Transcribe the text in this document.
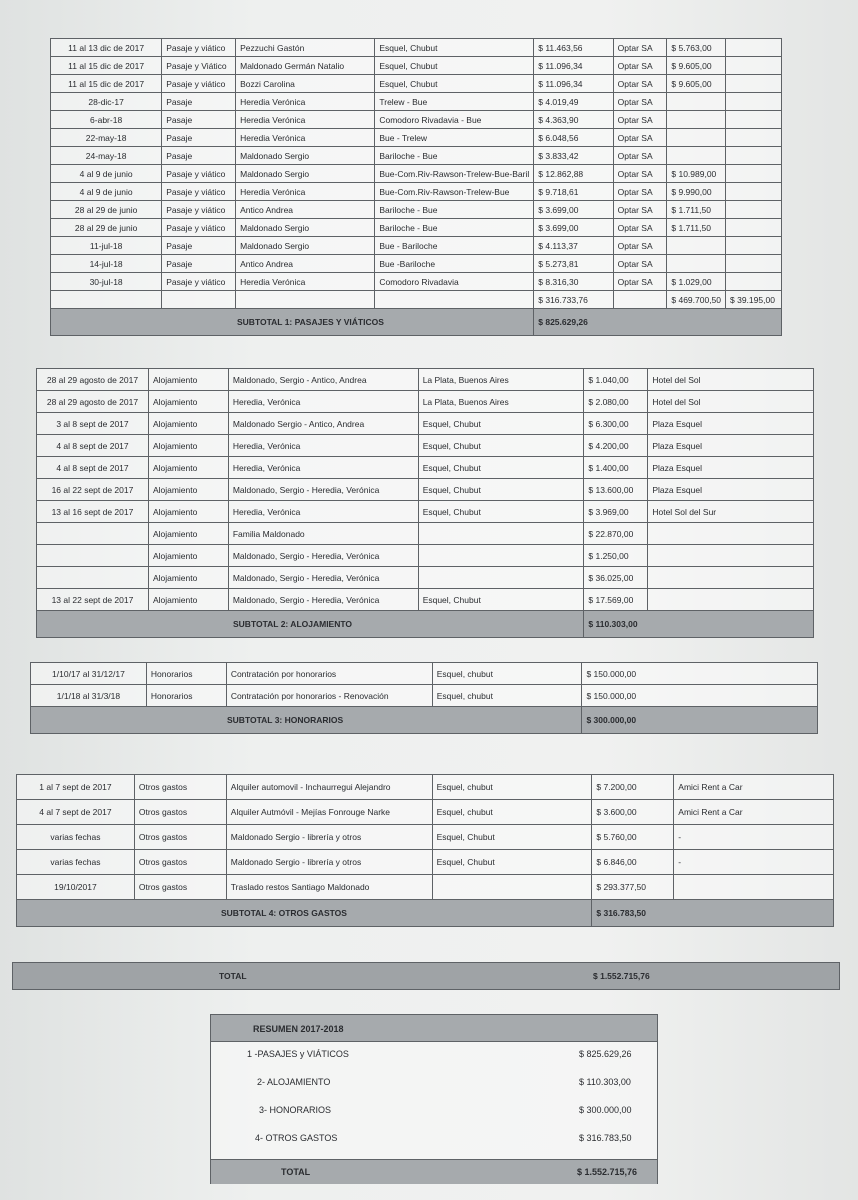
11 al 13 dic de 2017	Pasaje y viático	Pezzuchi Gastón	Esquel, Chubut	$ 11.463,56	Optar SA	$ 5.763,00	
11 al 15 dic de 2017	Pasaje y Viático	Maldonado Germán Natalio	Esquel, Chubut	$ 11.096,34	Optar SA	$ 9.605,00	
11 al 15 dic de 2017	Pasaje y viático	Bozzi Carolina	Esquel, Chubut	$ 11.096,34	Optar SA	$ 9.605,00	
28-dic-17	Pasaje	Heredia Verónica	Trelew - Bue	$ 4.019,49	Optar SA		
6-abr-18	Pasaje	Heredia Verónica	Comodoro Rivadavia - Bue	$ 4.363,90	Optar SA		
22-may-18	Pasaje	Heredia Verónica	Bue - Trelew	$ 6.048,56	Optar SA		
24-may-18	Pasaje	Maldonado Sergio	Bariloche - Bue	$ 3.833,42	Optar SA		
4 al 9 de junio	Pasaje y viático	Maldonado Sergio	Bue-Com.Riv-Rawson-Trelew-Bue-Baril	$ 12.862,88	Optar SA	$ 10.989,00	
4 al 9 de junio	Pasaje y viático	Heredia Verónica	Bue-Com.Riv-Rawson-Trelew-Bue	$ 9.718,61	Optar SA	$ 9.990,00	
28 al 29 de junio	Pasaje y viático	Antico Andrea	Bariloche - Bue	$ 3.699,00	Optar SA	$ 1.711,50	
28 al 29 de junio	Pasaje y viático	Maldonado Sergio	Bariloche - Bue	$ 3.699,00	Optar SA	$ 1.711,50	
11-jul-18	Pasaje	Maldonado Sergio	Bue - Bariloche	$ 4.113,37	Optar SA		
14-jul-18	Pasaje	Antico Andrea	Bue -Bariloche	$ 5.273,81	Optar SA		
30-jul-18	Pasaje y viático	Heredia Verónica	Comodoro Rivadavia	$ 8.316,30	Optar SA	$ 1.029,00	
				$ 316.733,76		$ 469.700,50	$ 39.195,00
SUBTOTAL 1: PASAJES Y VIÁTICOS				$ 825.629,26			
28 al 29 agosto de 2017	Alojamiento	Maldonado, Sergio - Antico, Andrea	La Plata, Buenos Aires	$ 1.040,00	Hotel del Sol
28 al 29 agosto de 2017	Alojamiento	Heredia, Verónica	La Plata, Buenos Aires	$ 2.080,00	Hotel del Sol
3 al 8 sept de 2017	Alojamiento	Maldonado Sergio - Antico, Andrea	Esquel, Chubut	$ 6.300,00	Plaza Esquel
4 al 8 sept de 2017	Alojamiento	Heredia, Verónica	Esquel, Chubut	$ 4.200,00	Plaza Esquel
4 al 8 sept de 2017	Alojamiento	Heredia, Verónica	Esquel, Chubut	$ 1.400,00	Plaza Esquel
16 al 22 sept de 2017	Alojamiento	Maldonado, Sergio - Heredia, Verónica	Esquel, Chubut	$ 13.600,00	Plaza Esquel
13 al 16 sept de 2017	Alojamiento	Heredia, Verónica	Esquel, Chubut	$ 3.969,00	Hotel Sol del Sur
	Alojamiento	Familia Maldonado		$ 22.870,00	
	Alojamiento	Maldonado, Sergio - Heredia, Verónica		$ 1.250,00	
	Alojamiento	Maldonado, Sergio - Heredia, Verónica		$ 36.025,00	
13 al 22 sept de 2017	Alojamiento	Maldonado, Sergio - Heredia, Verónica	Esquel, Chubut	$ 17.569,00	
SUBTOTAL 2: ALOJAMIENTO				$ 110.303,00	
1/10/17 al 31/12/17	Honorarios	Contratación por honorarios	Esquel, chubut	$ 150.000,00
1/1/18 al 31/3/18	Honorarios	Contratación por honorarios - Renovación	Esquel, chubut	$ 150.000,00
SUBTOTAL 3: HONORARIOS				$ 300.000,00
1 al 7 sept de 2017	Otros gastos	Alquiler automovil - Inchaurregui Alejandro	Esquel, chubut	$ 7.200,00	Amici Rent a Car
4 al 7 sept de 2017	Otros gastos	Alquiler Autmóvil - Mejías Fonrouge Narke	Esquel, chubut	$ 3.600,00	Amici Rent a Car
varias fechas	Otros gastos	Maldonado Sergio - librería y otros	Esquel, Chubut	$ 5.760,00	-
varias fechas	Otros gastos	Maldonado Sergio - librería y otros	Esquel, Chubut	$ 6.846,00	-
19/10/2017	Otros gastos	Traslado restos Santiago Maldonado		$ 293.377,50	
SUBTOTAL 4: OTROS GASTOS				$ 316.783,50	
TOTAL	$ 1.552.715,76
RESUMEN 2017-2018
1 -PASAJES y VIÁTICOS	$ 825.629,26
2- ALOJAMIENTO	$ 110.303,00
3- HONORARIOS	$ 300.000,00
4- OTROS GASTOS	$ 316.783,50
TOTAL	$ 1.552.715,76
